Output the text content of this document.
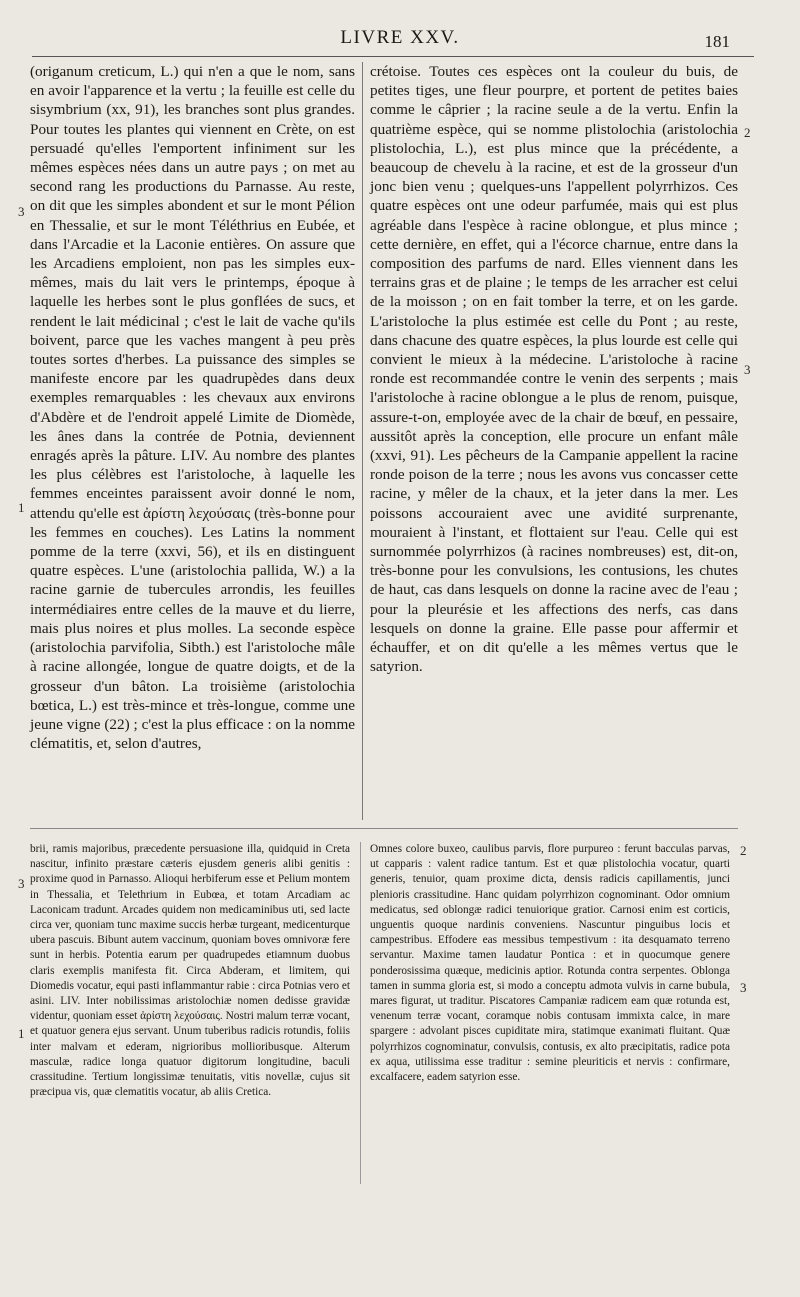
LIVRE XXV.	181

(origanum creticum, L.) qui n'en a que le nom, sans en avoir l'apparence et la vertu ; la feuille est celle du sisymbrium (xx, 91), les branches sont plus grandes. Pour toutes les plantes qui viennent en Crète, on est persuadé qu'elles l'emportent infiniment sur les mêmes espèces nées dans un autre pays ; on met au second rang les productions du Parnasse. Au reste, on dit que les simples abondent et sur le mont Pélion en Thessalie, et sur le mont Téléthrius en Eubée, et dans l'Arcadie et la Laconie entières. On assure que les Arcadiens emploient, non pas les simples eux-mêmes, mais du lait vers le printemps, époque à laquelle les herbes sont le plus gonflées de sucs, et rendent le lait médicinal ; c'est le lait de vache qu'ils boivent, parce que les vaches mangent à peu près toutes sortes d'herbes. La puissance des simples se manifeste encore par les quadrupèdes dans deux exemples remarquables : les chevaux aux environs d'Abdère et de l'endroit appelé Limite de Diomède, les ânes dans la contrée de Potnia, deviennent enragés après la pâture. LIV. Au nombre des plantes les plus célèbres est l'aristoloche, à laquelle les femmes enceintes paraissent avoir donné le nom, attendu qu'elle est ἀρίστη λεχούσαις (très-bonne pour les femmes en couches). Les Latins la nomment pomme de la terre (xxvi, 56), et ils en distinguent quatre espèces. L'une (aristolochia pallida, W.) a la racine garnie de tubercules arrondis, les feuilles intermédiaires entre celles de la mauve et du lierre, mais plus noires et plus molles. La seconde espèce (aristolochia parvifolia, Sibth.) est l'aristoloche mâle à racine allongée, longue de quatre doigts, et de la grosseur d'un bâton. La troisième (aristolochia bœtica, L.) est très-mince et très-longue, comme une jeune vigne (22) ; c'est la plus efficace : on la nomme clématitis, et, selon d'autres,

crétoise. Toutes ces espèces ont la couleur du buis, de petites tiges, une fleur pourpre, et portent de petites baies comme le câprier ; la racine seule a de la vertu. Enfin la quatrième espèce, qui se nomme plistolochia (aristolochia plistolochia, L.), est plus mince que la précédente, a beaucoup de chevelu à la racine, et est de la grosseur d'un jonc bien venu ; quelques-uns l'appellent polyrrhizos. Ces quatre espèces ont une odeur parfumée, mais qui est plus agréable dans l'espèce à racine oblongue, et plus mince ; cette dernière, en effet, qui a l'écorce charnue, entre dans la composition des parfums de nard. Elles viennent dans les terrains gras et de plaine ; le temps de les arracher est celui de la moisson ; on en fait tomber la terre, et on les garde. L'aristoloche la plus estimée est celle du Pont ; au reste, dans chacune des quatre espèces, la plus lourde est celle qui convient le mieux à la médecine. L'aristoloche à racine ronde est recommandée contre le venin des serpents ; mais l'aristoloche à racine oblongue a le plus de renom, puisque, assure-t-on, employée avec de la chair de bœuf, en pessaire, aussitôt après la conception, elle procure un enfant mâle (xxvi, 91). Les pêcheurs de la Campanie appellent la racine ronde poison de la terre ; nous les avons vus concasser cette racine, y mêler de la chaux, et la jeter dans la mer. Les poissons accouraient avec une avidité surprenante, mouraient à l'instant, et flottaient sur l'eau. Celle qui est surnommée polyrrhizos (à racines nombreuses) est, dit-on, très-bonne pour les convulsions, les contusions, les chutes de haut, cas dans lesquels on donne la racine avec de l'eau ; pour la pleurésie et les affections des nerfs, cas dans lesquels on donne la graine. Elle passe pour affermir et échauffer, et on dit qu'elle a les mêmes vertus que le satyrion.

brii, ramis majoribus, præcedente persuasione illa, quidquid in Creta nascitur, infinito præstare cæteris ejusdem generis alibi genitis : proxime quod in Parnasso. Alioqui herbiferum esse et Pelium montem in Thessalia, et Telethrium in Eubœa, et totam Arcadiam ac Laconicam tradunt. Arcades quidem non medicaminibus uti, sed lacte circa ver, quoniam tunc maxime succis herbæ turgeant, medicenturque ubera pascuis. Bibunt autem vaccinum, quoniam boves omnivoræ fere sunt in herbis. Potentia earum per quadrupedes etiamnum duobus claris exemplis manifesta fit. Circa Abderam, et limitem, qui Diomedis vocatur, equi pasti inflammantur rabie : circa Potnias vero et asini. LIV. Inter nobilissimas aristolochiæ nomen dedisse gravidæ videntur, quoniam esset ἀρίστη λεχούσαις. Nostri malum terræ vocant, et quatuor genera ejus servant. Unum tuberibus radicis rotundis, foliis inter malvam et ederam, nigrioribus mollioribusque. Alterum masculæ, radice longa quatuor digitorum longitudine, baculi crassitudine. Tertium longissimæ tenuitatis, vitis novellæ, cujus sit præcipua vis, quæ clematitis vocatur, ab aliis Cretica.

Omnes colore buxeo, caulibus parvis, flore purpureo : ferunt bacculas parvas, ut capparis : valent radice tantum. Est et quæ plistolochia vocatur, quarti generis, tenuior, quam proxime dicta, densis radicis capillamentis, junci plenioris crassitudine. Hanc quidam polyrrhizon cognominant. Odor omnium medicatus, sed oblongæ radici tenuiorique gratior. Carnosi enim est corticis, unguentis quoque nardinis conveniens. Nascuntur pinguibus locis et campestribus. Effodere eas messibus tempestivum : ita desquamato terreno servantur. Maxime tamen laudatur Pontica : et in quocumque genere ponderosissima quæque, medicinis aptior. Rotunda contra serpentes. Oblonga tamen in summa gloria est, si modo a conceptu admota vulvis in carne bubula, mares figurat, ut traditur. Piscatores Campaniæ radicem eam quæ rotunda est, venenum terræ vocant, coramque nobis contusam immixta calce, in mare spargere : advolant pisces cupiditate mira, statimque exanimati fluitant. Quæ polyrrhizos cognominatur, convulsis, contusis, ex alto præcipitatis, radice pota ex aqua, utilissima esse traditur : semine pleuriticis et nervis : confirmare, excalfacere, eadem satyrion esse.

3
1
2
3
3
1
2
3
